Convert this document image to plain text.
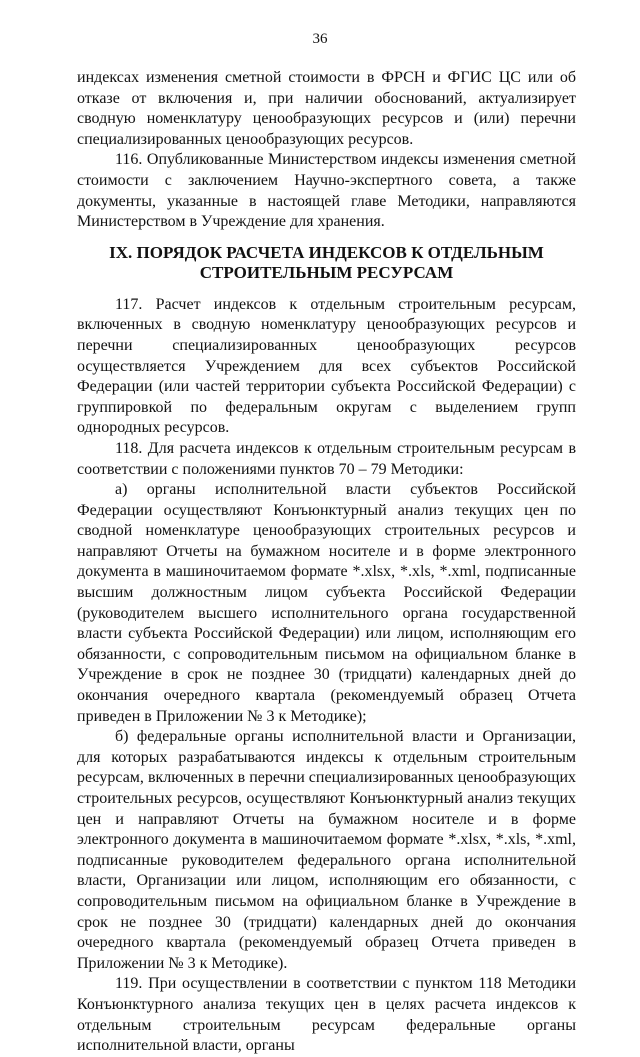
36

индексах изменения сметной стоимости в ФРСН и ФГИС ЦС или об отказе от включения и, при наличии обоснований, актуализирует сводную номенклатуру ценообразующих ресурсов и (или) перечни специализированных ценообразующих ресурсов.

116. Опубликованные Министерством индексы изменения сметной стоимости с заключением Научно-экспертного совета, а также документы, указанные в настоящей главе Методики, направляются Министерством в Учреждение для хранения.

IX. ПОРЯДОК РАСЧЕТА ИНДЕКСОВ К ОТДЕЛЬНЫМ

СТРОИТЕЛЬНЫМ РЕСУРСАМ

117. Расчет индексов к отдельным строительным ресурсам, включенных в сводную номенклатуру ценообразующих ресурсов и перечни специализированных ценообразующих ресурсов осуществляется Учреждением для всех субъектов Российской Федерации (или частей территории субъекта Российской Федерации) с группировкой по федеральным округам с выделением групп однородных ресурсов.

118. Для расчета индексов к отдельным строительным ресурсам в соответствии с положениями пунктов 70 – 79 Методики:

а) органы исполнительной власти субъектов Российской Федерации осуществляют Конъюнктурный анализ текущих цен по сводной номенклатуре ценообразующих строительных ресурсов и направляют Отчеты на бумажном носителе и в форме электронного документа в машиночитаемом формате *.xlsx, *.xls, *.xml, подписанные высшим должностным лицом субъекта Российской Федерации (руководителем высшего исполнительного органа государственной власти субъекта Российской Федерации) или лицом, исполняющим его обязанности, с сопроводительным письмом на официальном бланке в Учреждение в срок не позднее 30 (тридцати) календарных дней до окончания очередного квартала (рекомендуемый образец Отчета приведен в Приложении № 3 к Методике);

б) федеральные органы исполнительной власти и Организации, для которых разрабатываются индексы к отдельным строительным ресурсам, включенных в перечни специализированных ценообразующих строительных ресурсов, осуществляют Конъюнктурный анализ текущих цен и направляют Отчеты на бумажном носителе и в форме электронного документа в машиночитаемом формате *.xlsx, *.xls, *.xml, подписанные руководителем федерального органа исполнительной власти, Организации или лицом, исполняющим его обязанности, с сопроводительным письмом на официальном бланке в Учреждение в срок не позднее 30 (тридцати) календарных дней до окончания очередного квартала (рекомендуемый образец Отчета приведен в Приложении № 3 к Методике).

119. При осуществлении в соответствии с пунктом 118 Методики Конъюнктурного анализа текущих цен в целях расчета индексов к отдельным строительным ресурсам федеральные органы исполнительной власти, органы
